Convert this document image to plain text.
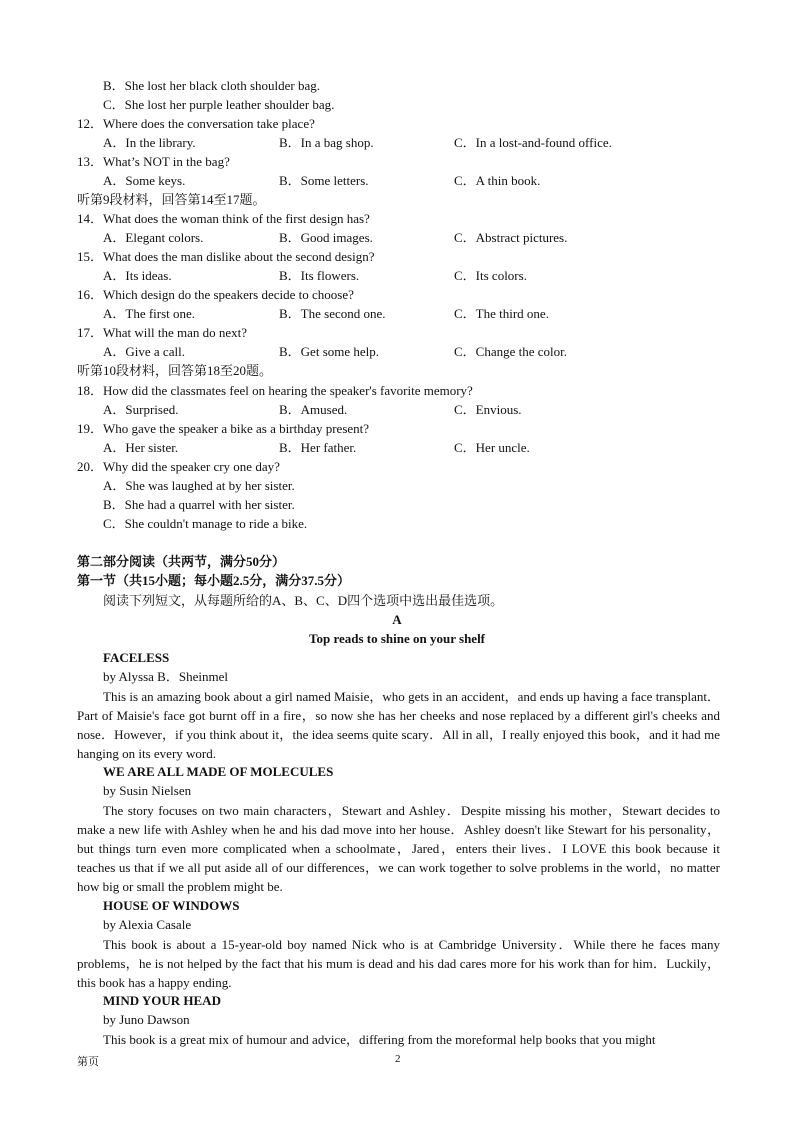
B．She lost her black cloth shoulder bag.
C．She lost her purple leather shoulder bag.
12．Where does the conversation take place?
A．In the library.	B．In a bag shop.	C．In a lost-and-found office.
13．What’s NOT in the bag?
A．Some keys.	B．Some letters.	C．A thin book.
听第9段材料，回答第14至17题。
14．What does the woman think of the first design has?
A．Elegant colors.	B．Good images.	C．Abstract pictures.
15．What does the man dislike about the second design?
A．Its ideas.	B．Its flowers.	C．Its colors.
16．Which design do the speakers decide to choose?
A．The first one.	B．The second one.	C．The third one.
17．What will the man do next?
A．Give a call.	B．Get some help.	C．Change the color.
听第10段材料，回答第18至20题。
18．How did the classmates feel on hearing the speaker's favorite memory?
A．Surprised.	B．Amused.	C．Envious.
19．Who gave the speaker a bike as a birthday present?
A．Her sister.	B．Her father.	C．Her uncle.
20．Why did the speaker cry one day?
A．She was laughed at by her sister.
B．She had a quarrel with her sister.
C．She couldn't manage to ride a bike.
第二部分阅读（共两节，满分50分）
第一节（共15小题；每小题2.5分，满分37.5分）
阅读下列短文，从每题所给的A、B、C、D四个选项中选出最佳选项。
A
Top reads to shine on your shelf
FACELESS
by Alyssa B．Sheinmel

This is an amazing book about a girl named Maisie，who gets in an accident，and ends up having a face transplant．Part of Maisie's face got burnt off in a fire，so now she has her cheeks and nose replaced by a different girl's cheeks and nose．However，if you think about it，the idea seems quite scary．All in all，I really enjoyed this book，and it had me hanging on its every word.

WE ARE ALL MADE OF MOLECULES
by Susin Nielsen

The story focuses on two main characters，Stewart and Ashley．Despite missing his mother，Stewart decides to make a new life with Ashley when he and his dad move into her house．Ashley doesn't like Stewart for his personality，but things turn even more complicated when a schoolmate，Jared，enters their lives．I LOVE this book because it teaches us that if we all put aside all of our differences，we can work together to solve problems in the world，no matter how big or small the problem might be.

HOUSE OF WINDOWS
by Alexia Casale

This book is about a 15-year-old boy named Nick who is at Cambridge University．While there he faces many problems，he is not helped by the fact that his mum is dead and his dad cares more for his work than for him．Luckily，this book has a happy ending.

MIND YOUR HEAD
by Juno Dawson

This book is a great mix of humour and advice，differing from the moreformal help books that you might

第页	2
